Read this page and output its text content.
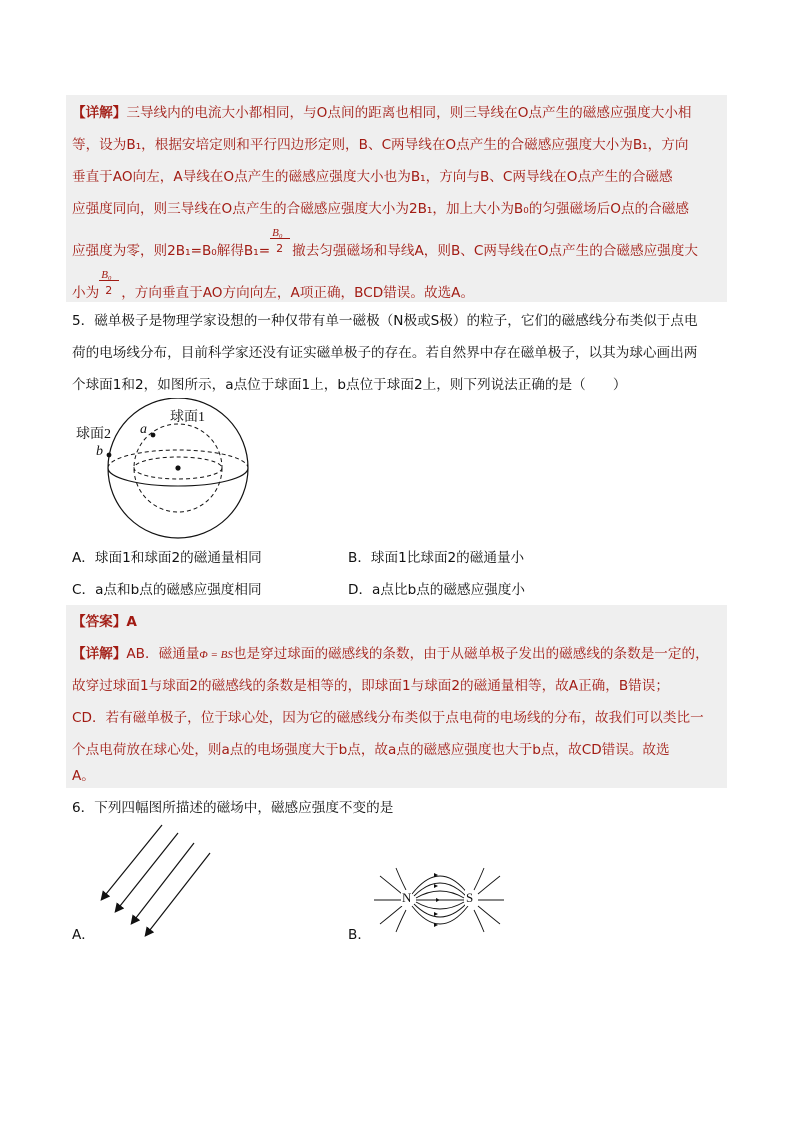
【详解】三导线内的电流大小都相同，与O点间的距离也相同，则三导线在O点产生的磁感应强度大小相
等，设为B₁，根据安培定则和平行四边形定则，B、C两导线在O点产生的合磁感应强度大小为B₁，方向
垂直于AO向左，A导线在O点产生的磁感应强度大小也为B₁，方向与B、C两导线在O点产生的合磁感
应强度同向，则三导线在O点产生的合磁感应强度大小为2B₁，加上大小为B₀的匀强磁场后O点的合磁感
应强度为零，则2B₁=B₀解得$B_1= \frac{\text{B₀}}{2}$ 撤去匀强磁场和导线A，则B、C两导线在O点产生的合磁感应强度大
小为 $\frac{\text{B₀}}{2}$ ，方向垂直于AO方向向左，A项正确，BCD错误。故选A。
5．磁单极子是物理学家设想的一种仅带有单一磁极（N极或S极）的粒子，它们的磁感线分布类似于点电
荷的电场线分布，目前科学家还没有证实磁单极子的存在。若自然界中存在磁单极子，以其为球心画出两
个球面1和2，如图所示，a点位于球面1上，b点位于球面2上，则下列说法正确的是（　　）
球面1
球面2 a
b
A．球面1和球面2的磁通量相同	B．球面1比球面2的磁通量小
C．a点和b点的磁感应强度相同	D．a点比b点的磁感应强度小
【答案】A
【详解】AB．磁通量Φ = BS也是穿过球面的磁感线的条数，由于从磁单极子发出的磁感线的条数是一定的，
故穿过球面1与球面2的磁感线的条数是相等的，即球面1与球面2的磁通量相等，故A正确，B错误；
CD．若有磁单极子，位于球心处，因为它的磁感线分布类似于点电荷的电场线的分布，故我们可以类比一
个点电荷放在球心处，则a点的电场强度大于b点，故a点的磁感应强度也大于b点，故CD错误。故选
A。
6．下列四幅图所描述的磁场中，磁感应强度不变的是
A．
N	S
B．
